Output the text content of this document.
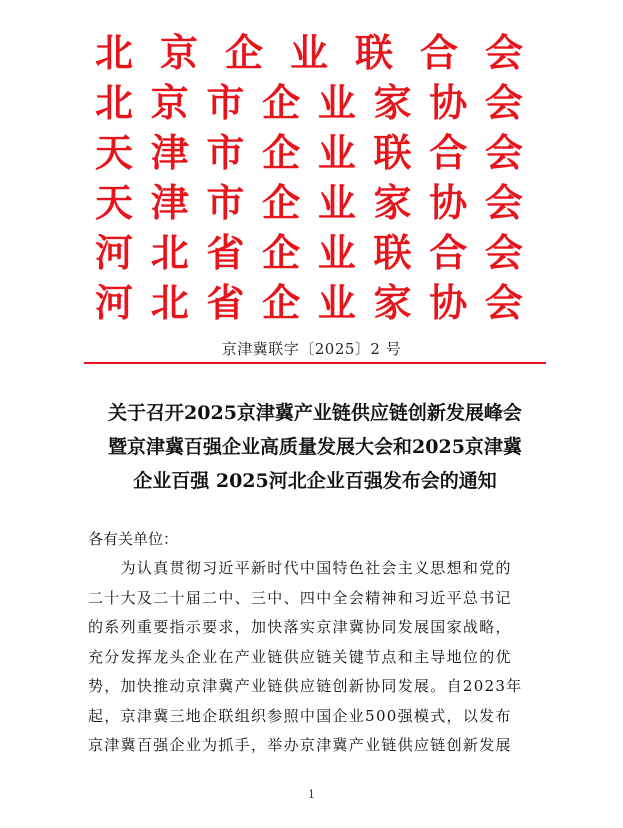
北 京 企 业 联 合 会
北 京 市 企 业 家 协 会
天 津 市 企 业 联 合 会
天 津 市 企 业 家 协 会
河 北 省 企 业 联 合 会
河 北 省 企 业 家 协 会
京津冀联字〔2025〕2 号
关于召开2025京津冀产业链供应链创新发展峰会
暨京津冀百强企业高质量发展大会和2025京津冀
企业百强 2025河北企业百强发布会的通知
各有关单位：
　　为认真贯彻习近平新时代中国特色社会主义思想和党的
二十大及二十届二中、三中、四中全会精神和习近平总书记
的系列重要指示要求，加快落实京津冀协同发展国家战略，
充分发挥龙头企业在产业链供应链关键节点和主导地位的优
势，加快推动京津冀产业链供应链创新协同发展。自2023年
起，京津冀三地企联组织参照中国企业500强模式，以发布
京津冀百强企业为抓手，举办京津冀产业链供应链创新发展
1
